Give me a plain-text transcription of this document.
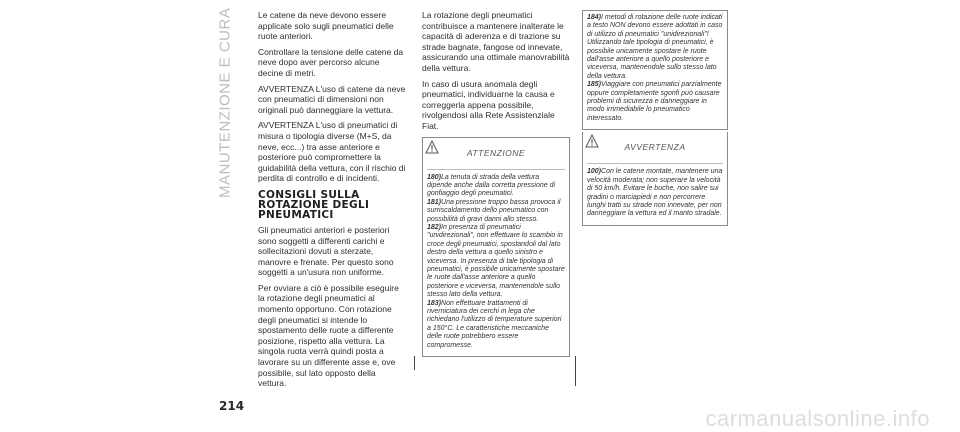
MANUTENZIONE E CURA	Le catene da neve devono essere applicate solo sugli pneumatici delle ruote anteriori.

Controllare la tensione delle catene da neve dopo aver percorso alcune decine di metri.

AVVERTENZA L'uso di catene da neve con pneumatici di dimensioni non originali può danneggiare la vettura.

AVVERTENZA L'uso di pneumatici di misura o tipologia diverse (M+S, da neve, ecc...) tra asse anteriore e posteriore può compromettere la guidabilità della vettura, con il rischio di perdita di controllo e di incidenti.

CONSIGLI SULLA ROTAZIONE DEGLI PNEUMATICI

Gli pneumatici anteriori e posteriori sono soggetti a differenti carichi e sollecitazioni dovuti a sterzate, manovre e frenate. Per questo sono soggetti a un'usura non uniforme.

Per ovviare a ciò è possibile eseguire la rotazione degli pneumatici al momento opportuno. Con rotazione degli pneumatici si intende lo spostamento delle ruote a differente posizione, rispetto alla vettura. La singola ruota verrà quindi posta a lavorare su un differente asse e, ove possibile, sul lato opposto della vettura.

La rotazione degli pneumatici contribuisce a mantenere inalterate le capacità di aderenza e di trazione su strade bagnate, fangose od innevate, assicurando una ottimale manovrabilità della vettura.

In caso di usura anomala degli pneumatici, individuarne la causa e correggerla appena possibile, rivolgendosi alla Rete Assistenziale Fiat.

ATTENZIONE

180)La tenuta di strada della vettura dipende anche dalla corretta pressione di gonfiaggio degli pneumatici.

181)Una pressione troppo bassa provoca il surriscaldamento dello pneumatico con possibilità di gravi danni allo stesso.

182)In presenza di pneumatici "unidirezionali", non effettuare lo scambio in croce degli pneumatici, spostandoli dal lato destro della vettura a quello sinistro e viceversa. In presenza di tale tipologia di pneumatici, è possibile unicamente spostare le ruote dall'asse anteriore a quello posteriore e viceversa, mantenendole sullo stesso lato della vettura.

183)Non effettuare trattamenti di riverniciatura dei cerchi in lega che richiedano l'utilizzo di temperature superiori a 150°C. Le caratteristiche meccaniche delle ruote potrebbero essere compromesse.

184)I metodi di rotazione delle ruote indicati a testo NON devono essere adottati in caso di utilizzo di pneumatici "unidirezionali"! Utilizzando tale tipologia di pneumatici, è possibile unicamente spostare le ruote dall'asse anteriore a quello posteriore e viceversa, mantenendole sullo stesso lato della vettura.

185)Viaggiare con pneumatici parzialmente oppure completamente sgonfi può causare problemi di sicurezza e danneggiare in modo irrimediabile lo pneumatico interessato.

AVVERTENZA

100)Con le catene montate, mantenere una velocità moderata; non superare la velocità di 50 km/h. Evitare le buche, non salire sui gradini o marciapiedi e non percorrere lunghi tratti su strade non innevate, per non danneggiare la vettura ed il manto stradale.

214	carmanualsonline.info
